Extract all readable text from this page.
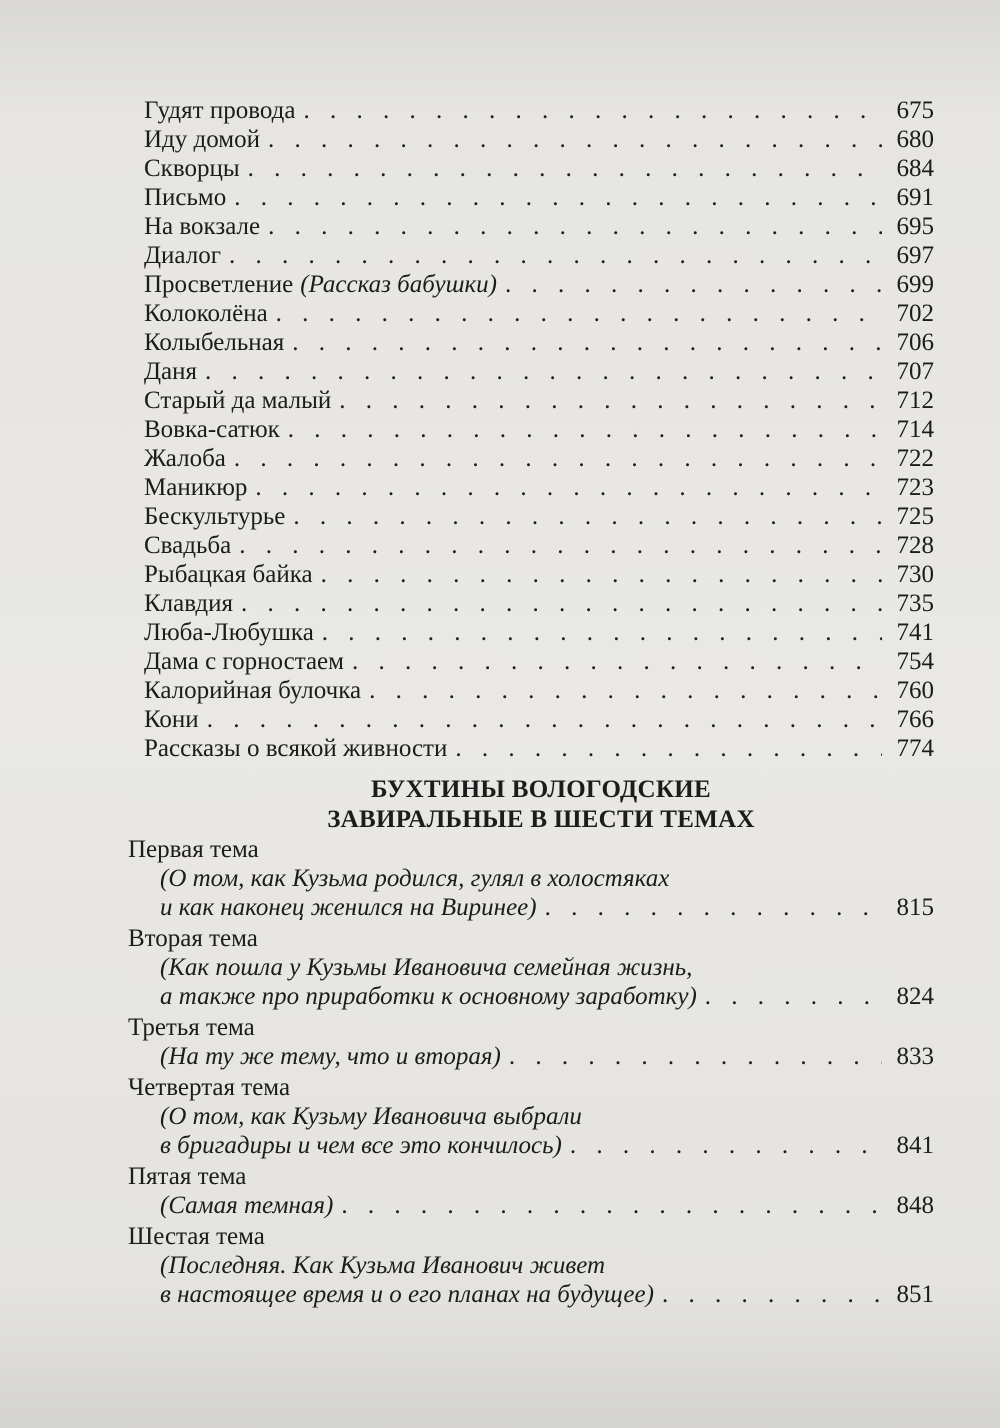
Гудят провода . . .	675
Иду домой . . .	680
Скворцы . . .	684
Письмо . . .	691
На вокзале . . .	695
Диалог . . .	697
Просветление (Рассказ бабушки) . . .	699
Колоколёна . . .	702
Колыбельная . . .	706
Даня . . .	707
Старый да малый . . .	712
Вовка-сатюк . . .	714
Жалоба . . .	722
Маникюр . . .	723
Бескультурье . . .	725
Свадьба . . .	728
Рыбацкая байка . . .	730
Клавдия . . .	735
Люба-Любушка . . .	741
Дама с горностаем . . .	754
Калорийная булочка . . .	760
Кони . . .	766
Рассказы о всякой живности . . .	774
БУХТИНЫ ВОЛОГОДСКИЕ
ЗАВИРАЛЬНЫЕ В ШЕСТИ ТЕМАХ
Первая тема
(О том, как Кузьма родился, гулял в холостяках
и как наконец женился на Виринее) . . .	815
Вторая тема
(Как пошла у Кузьмы Ивановича семейная жизнь,
а также про приработки к основному заработку) . . .	824
Третья тема
(На ту же тему, что и вторая) . . .	833
Четвертая тема
(О том, как Кузьму Ивановича выбрали
в бригадиры и чем все это кончилось) . . .	841
Пятая тема
(Самая темная) . . .	848
Шестая тема
(Последняя. Как Кузьма Иванович живет
в настоящее время и о его планах на будущее) . . .	851
